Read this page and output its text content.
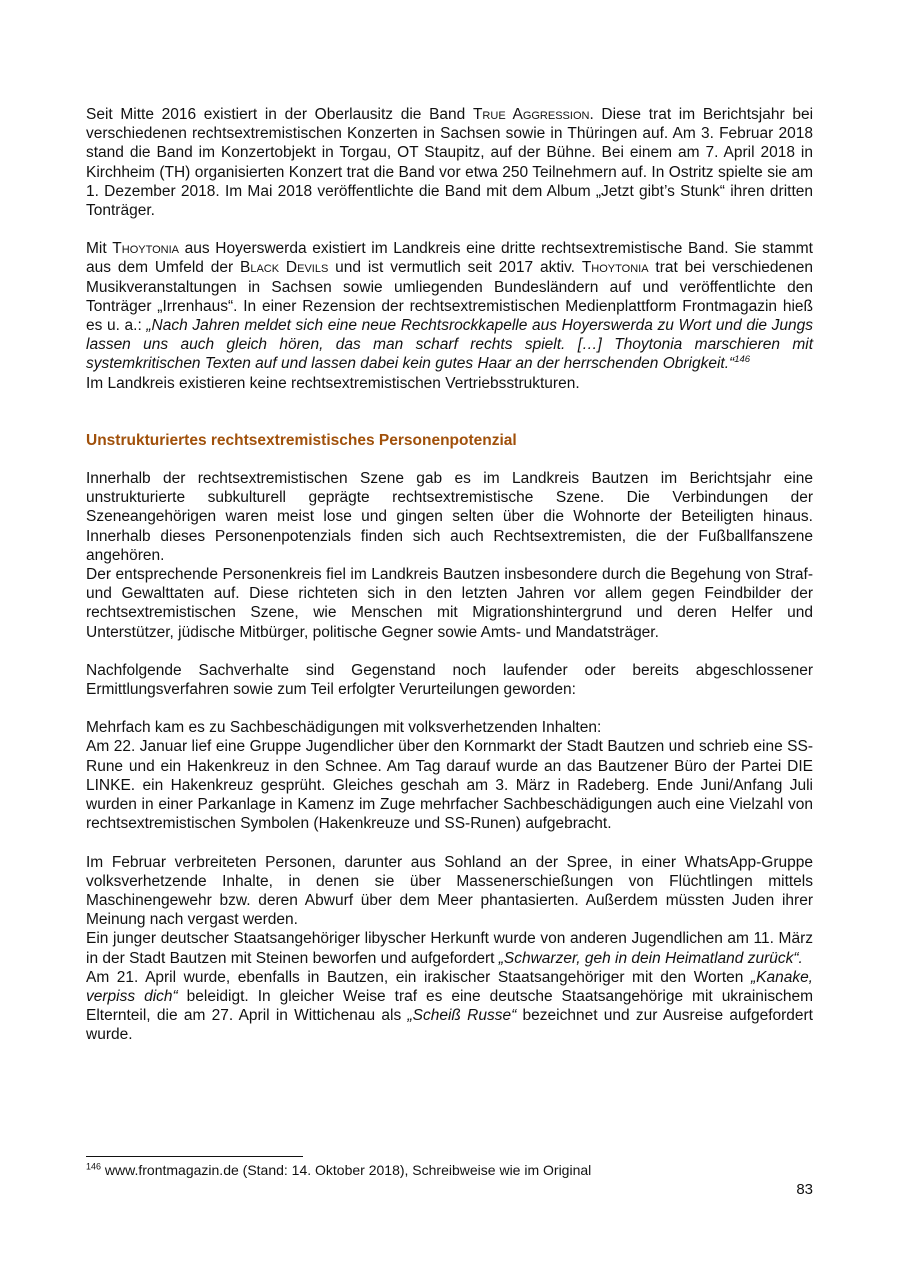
Seit Mitte 2016 existiert in der Oberlausitz die Band True Aggression. Diese trat im Berichtsjahr bei verschiedenen rechtsextremistischen Konzerten in Sachsen sowie in Thüringen auf. Am 3. Februar 2018 stand die Band im Konzertobjekt in Torgau, OT Staupitz, auf der Bühne. Bei einem am 7. April 2018 in Kirchheim (TH) organisierten Konzert trat die Band vor etwa 250 Teilnehmern auf. In Ostritz spielte sie am 1. Dezember 2018. Im Mai 2018 veröffentlichte die Band mit dem Album „Jetzt gibt’s Stunk“ ihren dritten Tonträger.

Mit Thoytonia aus Hoyerswerda existiert im Landkreis eine dritte rechtsextremistische Band. Sie stammt aus dem Umfeld der Black Devils und ist vermutlich seit 2017 aktiv. Thoytonia trat bei verschiedenen Musikveranstaltungen in Sachsen sowie umliegenden Bundesländern auf und veröffentlichte den Tonträger „Irrenhaus“. In einer Rezension der rechtsextremistischen Medienplattform Frontmagazin hieß es u. a.: „Nach Jahren meldet sich eine neue Rechtsrockkapelle aus Hoyerswerda zu Wort und die Jungs lassen uns auch gleich hören, das man scharf rechts spielt. […] Thoytonia marschieren mit systemkritischen Texten auf und lassen dabei kein gutes Haar an der herrschenden Obrigkeit.“$^{146}$

Im Landkreis existieren keine rechtsextremistischen Vertriebsstrukturen.

Unstrukturiertes rechtsextremistisches Personenpotenzial

Innerhalb der rechtsextremistischen Szene gab es im Landkreis Bautzen im Berichtsjahr eine unstrukturierte subkulturell geprägte rechtsextremistische Szene. Die Verbindungen der Szeneangehörigen waren meist lose und gingen selten über die Wohnorte der Beteiligten hinaus. Innerhalb dieses Personenpotenzials finden sich auch Rechtsextremisten, die der Fußballfanszene angehören.

Der entsprechende Personenkreis fiel im Landkreis Bautzen insbesondere durch die Begehung von Straf- und Gewalttaten auf. Diese richteten sich in den letzten Jahren vor allem gegen Feindbilder der rechtsextremistischen Szene, wie Menschen mit Migrationshintergrund und deren Helfer und Unterstützer, jüdische Mitbürger, politische Gegner sowie Amts- und Mandatsträger.

Nachfolgende Sachverhalte sind Gegenstand noch laufender oder bereits abgeschlossener Ermittlungsverfahren sowie zum Teil erfolgter Verurteilungen geworden:

Mehrfach kam es zu Sachbeschädigungen mit volksverhetzenden Inhalten:

Am 22. Januar lief eine Gruppe Jugendlicher über den Kornmarkt der Stadt Bautzen und schrieb eine SS-Rune und ein Hakenkreuz in den Schnee. Am Tag darauf wurde an das Bautzener Büro der Partei DIE LINKE. ein Hakenkreuz gesprüht. Gleiches geschah am 3. März in Radeberg. Ende Juni/Anfang Juli wurden in einer Parkanlage in Kamenz im Zuge mehrfacher Sachbeschädigungen auch eine Vielzahl von rechtsextremistischen Symbolen (Hakenkreuze und SS-Runen) aufgebracht.

Im Februar verbreiteten Personen, darunter aus Sohland an der Spree, in einer WhatsApp-Gruppe volksverhetzende Inhalte, in denen sie über Massenerschießungen von Flüchtlingen mittels Maschinengewehr bzw. deren Abwurf über dem Meer phantasierten. Außerdem müssten Juden ihrer Meinung nach vergast werden.

Ein junger deutscher Staatsangehöriger libyscher Herkunft wurde von anderen Jugendlichen am 11. März in der Stadt Bautzen mit Steinen beworfen und aufgefordert „Schwarzer, geh in dein Heimatland zurück“.

Am 21. April wurde, ebenfalls in Bautzen, ein irakischer Staatsangehöriger mit den Worten „Kanake, verpiss dich“ beleidigt. In gleicher Weise traf es eine deutsche Staatsangehörige mit ukrainischem Elternteil, die am 27. April in Wittichenau als „Scheiß Russe“ bezeichnet und zur Ausreise aufgefordert wurde.

$^{146}$ www.frontmagazin.de (Stand: 14. Oktober 2018), Schreibweise wie im Original
83
